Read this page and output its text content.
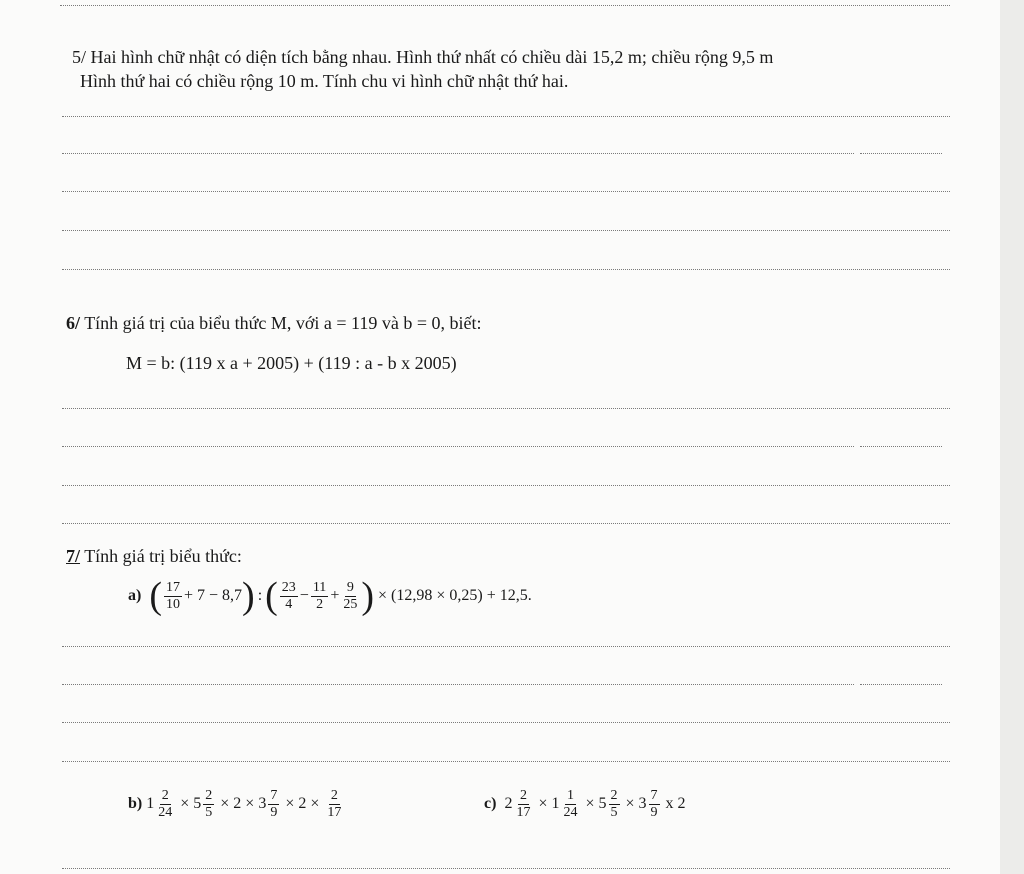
5/ Hai hình chữ nhật có diện tích bằng nhau. Hình thứ nhất có chiều dài 15,2 m; chiều rộng 9,5 m
Hình thứ hai có chiều rộng 10 m. Tính chu vi hình chữ nhật thứ hai.
6/ Tính giá trị của biểu thức M, với a = 119 và b = 0, biết:
M = b: (119 x a + 2005) + (119 : a - b x 2005)
7/ Tính giá trị biểu thức:
a) ( $\frac{17}{10} + 7 - 8,7$ ) : ( $\frac{23}{4} - \frac{11}{2} + \frac{9}{25}$ ) × (12,98 × 0,25) + 12,5.
b) $1 \frac{2}{24} \times 5 \frac{2}{5} \times 2 \times 3 \frac{7}{9} \times 2 \times \frac{2}{17}$	c) $2 \frac{2}{17} \times 1 \frac{1}{24} \times 5 \frac{2}{5} \times 3 \frac{7}{9}$ x 2
